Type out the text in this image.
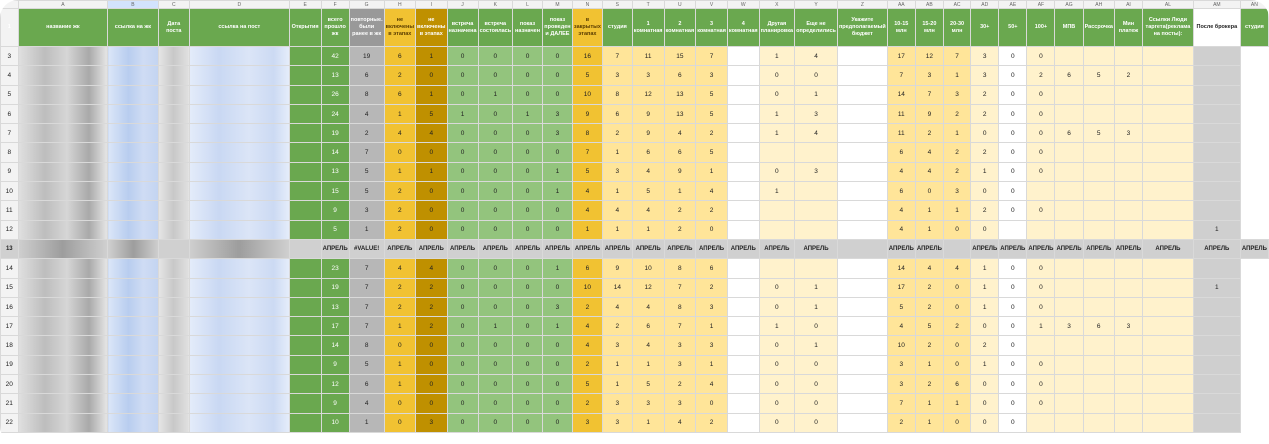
	A	B	C	D	E	F	G	H	I	J	K	L	M	N	S	T	U	V	W	X	Y	Z	AA	AB	AC	AD	AE	AF	AG	AH	AI	AL	AM	AN
1	название жк	ссылка на жк	Дата поста	ссылка на пост	Открытия	всего прошло жк	повторные. были ранее в жк	не включены в этапах	не включены в этапах	встреча назначена	встреча состоялась	показ назначен	показ проведен и ДАЛЕЕ	в закрытых этапах	студия	1 комнатная	2 комнатная	3 комнатная	4 комнатная	Другая планировка	Еще не определились	Укажите предполагаемый бюджет	10-15 млн	15-20 млн	20-30 млн	30+	50+	100+	МПВ	Рассрочка	Мин платеж	Ссылки Люди таргета(реклама на посты):	После брокера	студия
3						42	19	6	1	0	0	0	0	16	7	11	15	7		1	4		17	12	7	3	0	0						
4						13	6	2	0	0	0	0	0	5	3	3	6	3		0	0		7	3	1	3	0	2	6	5	2			
5						26	8	6	1	0	1	0	0	10	8	12	13	5		0	1		14	7	3	2	0	0						
6						24	4	1	5	1	0	1	3	9	6	9	13	5		1	3		11	9	2	2	0	0						
7						19	2	4	4	0	0	0	3	8	2	9	4	2		1	4		11	2	1	0	0	0	6	5	3			
8						14	7	0	0	0	0	0	0	7	1	6	6	5					6	4	2	2	0	0						
9						13	5	1	1	0	0	0	1	5	3	4	9	1		0	3		4	4	2	1	0	0						
10						15	5	2	0	0	0	0	1	4	1	5	1	4		1			6	0	3	0	0							
11						9	3	2	0	0	0	0	0	4	4	4	2	2					4	1	1	2	0	0						
12						5	1	2	0	0	0	0	0	1	1	1	2	0					4	1	0	0							1	
13						АПРЕЛЬ	#VALUE!	АПРЕЛЬ	АПРЕЛЬ	АПРЕЛЬ	АПРЕЛЬ	АПРЕЛЬ	АПРЕЛЬ	АПРЕЛЬ	АПРЕЛЬ	АПРЕЛЬ	АПРЕЛЬ	АПРЕЛЬ	АПРЕЛЬ	АПРЕЛЬ	АПРЕЛЬ		АПРЕЛЬ	АПРЕЛЬ		АПРЕЛЬ	АПРЕЛЬ	АПРЕЛЬ	АПРЕЛЬ	АПРЕЛЬ	АПРЕЛЬ	АПРЕЛЬ	АПРЕЛЬ	АПРЕЛЬ
14						23	7	4	4	0	0	0	1	6	9	10	8	6					14	4	4	1	0	0						
15						19	7	2	2	0	0	0	0	10	14	12	7	2		0	1		17	2	0	1	0	0					1	
16						13	7	2	2	0	0	0	3	2	4	4	8	3		0	1		5	2	0	1	0	0						
17						17	7	1	2	0	1	0	1	4	2	6	7	1		1	0		4	5	2	0	0	1	3	6	3			
18						14	8	0	0	0	0	0	0	4	3	4	3	3		0	1		10	2	0	2	0							
19						9	5	1	0	0	0	0	0	2	1	1	3	1		0	0		3	1	0	1	0	0						
20						12	6	1	0	0	0	0	0	5	1	5	2	4		0	0		3	2	6	0	0	0						
21						9	4	0	0	0	0	0	0	2	3	3	3	0		0	0		7	1	1	0	0	0						
22						10	1	0	3	0	0	0	0	3	3	1	4	2		0	0		2	1	0	0	0							
